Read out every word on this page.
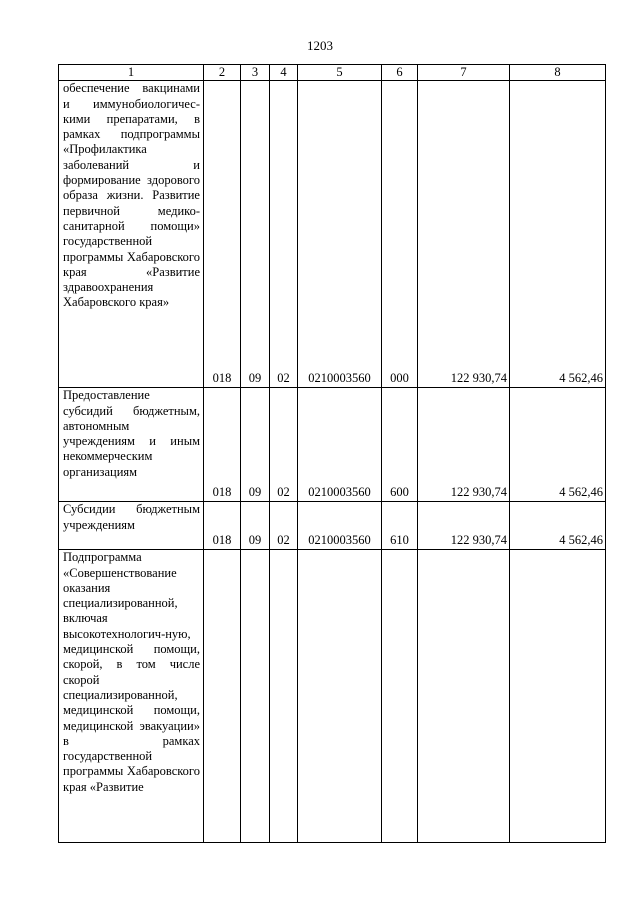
1203
1	2	3	4	5	6	7	8
обеспечение вакцинами и иммунобиологичес-кими препаратами, в рамках подпрограммы «Профилактика заболеваний и формирование здорового образа жизни. Развитие первичной медико-санитарной помощи» государственной программы Хабаровского края «Развитие здравоохранения Хабаровского края»	018	09	02	0210003560	000	122 930,74	4 562,46
Предоставление субсидий бюджетным, автономным учреждениям и иным некоммерческим организациям	018	09	02	0210003560	600	122 930,74	4 562,46
Субсидии бюджетным учреждениям	018	09	02	0210003560	610	122 930,74	4 562,46
Подпрограмма «Совершенствование оказания специализированной, включая высокотехнологич-ную, медицинской помощи, скорой, в том числе скорой специализированной, медицинской помощи, медицинской эвакуации» в рамках государственной программы Хабаровского края «Развитие							
